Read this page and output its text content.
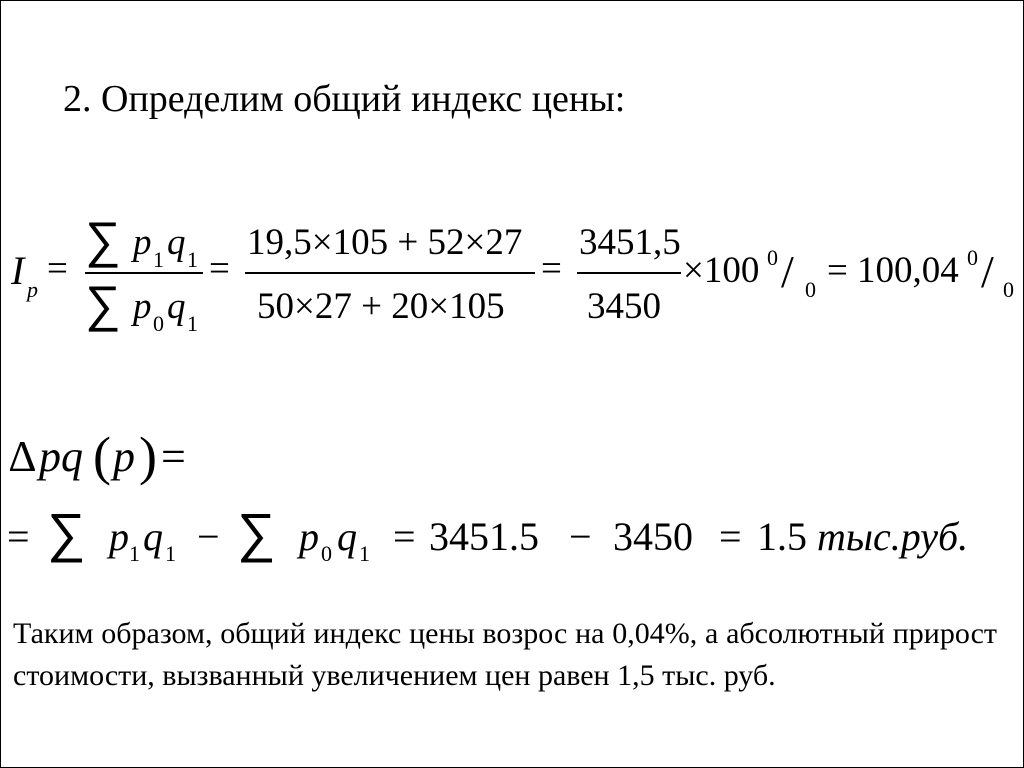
2. Определим общий индекс цены:
I p
= ∑ p 1 q 1
∑ p 0 q 1
=
19,5×105 + 52×27
50×27 + 20×105
=
3451,5
3450
×100 0 / 0 = 100,04 0 / 0
∆ pq ( p ) =
= ∑ p 1 q 1 − ∑ p 0 q 1 = 3451.5 − 3450 = 1.5 тыс.руб.
Таким образом, общий индекс цены возрос на 0,04%, а абсолютный прирост стоимости, вызванный увеличением цен равен 1,5 тыс. руб.
